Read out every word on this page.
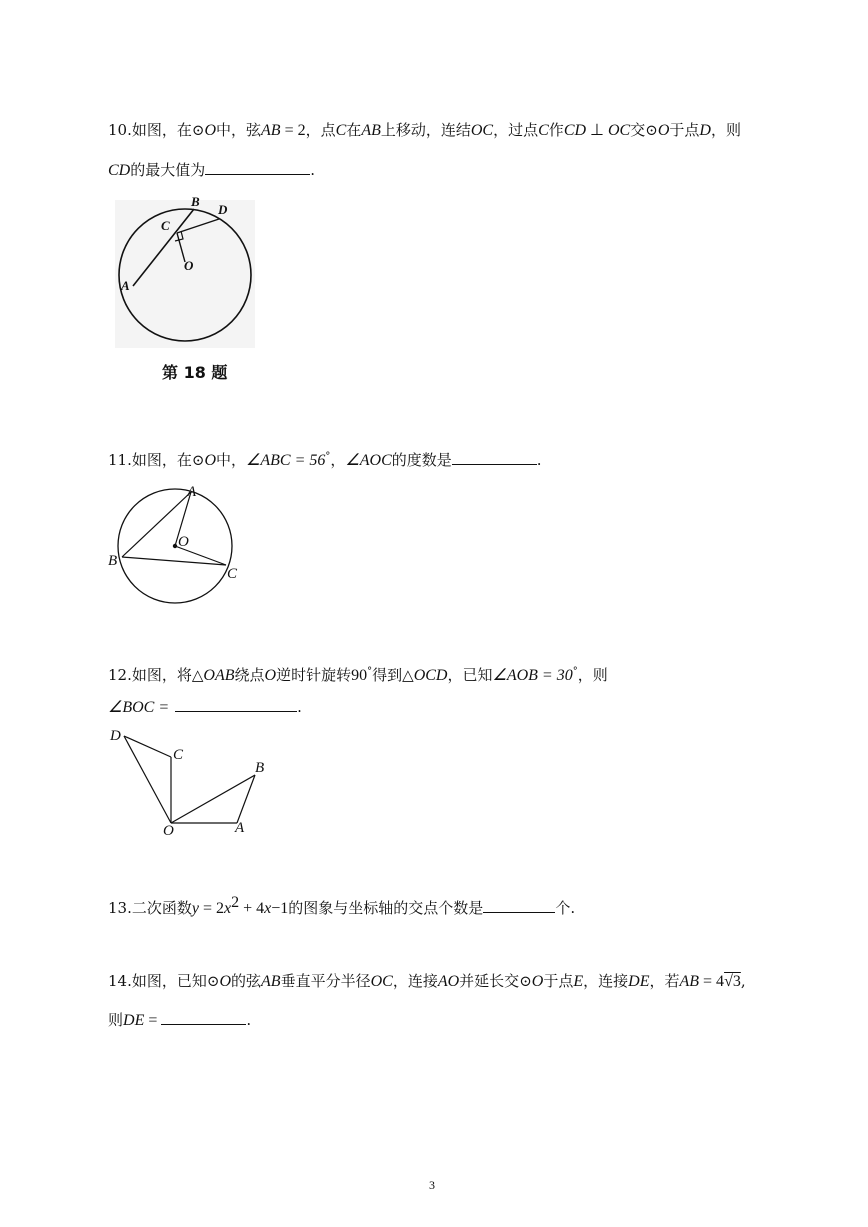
10.如图，在⊙O中，弦AB = 2，点C在AB上移动，连结OC，过点C作CD ⊥ OC交⊙O于点D，则
CD的最大值为	.
B
D
C
O
A
第 18 题
11.如图，在⊙O中，∠ABC = 56°，∠AOC的度数是	.
A
B
C
O
12.如图，将△OAB绕点O逆时针旋转90°得到△OCD，已知∠AOB = 30°，则
∠BOC =	.
D
C
B
O	A
13.二次函数$y = 2x^2 + 4x-1$的图象与坐标轴的交点个数是	个.
14.如图，已知⊙O的弦AB垂直平分半径OC，连接AO并延长交⊙O于点E，连接DE，若AB = 4√3,
则DE =	.
3
